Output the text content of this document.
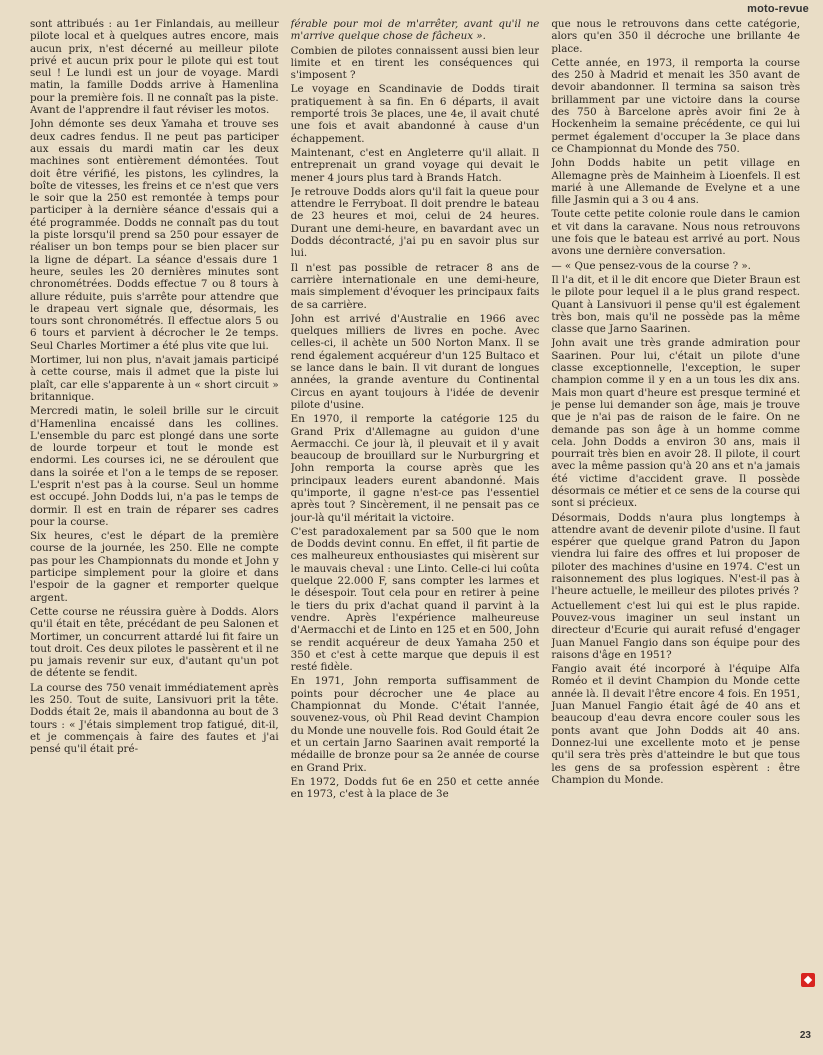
moto-revue

sont attribués : au 1er Finlandais, au meilleur pilote local et à quelques autres encore, mais aucun prix, n'est décerné au meilleur pilote privé et aucun prix pour le pilote qui est tout seul ! Le lundi est un jour de voyage. Mardi matin, la famille Dodds arrive à Hamenlina pour la première fois. Il ne connaît pas la piste. Avant de l'apprendre il faut réviser les motos.

John démonte ses deux Yamaha et trouve ses deux cadres fendus. Il ne peut pas participer aux essais du mardi matin car les deux machines sont entièrement démontées. Tout doit être vérifié, les pistons, les cylindres, la boîte de vitesses, les freins et ce n'est que vers le soir que la 250 est remontée à temps pour participer à la dernière séance d'essais qui a été programmée. Dodds ne connaît pas du tout la piste lorsqu'il prend sa 250 pour essayer de réaliser un bon temps pour se bien placer sur la ligne de départ. La séance d'essais dure 1 heure, seules les 20 dernières minutes sont chronométrées. Dodds effectue 7 ou 8 tours à allure réduite, puis s'arrête pour attendre que le drapeau vert signale que, désormais, les tours sont chronométrés. Il effectue alors 5 ou 6 tours et parvient à décrocher le 2e temps. Seul Charles Mortimer a été plus vite que lui.

Mortimer, lui non plus, n'avait jamais participé à cette course, mais il admet que la piste lui plaît, car elle s'apparente à un « short circuit » britannique.

Mercredi matin, le soleil brille sur le circuit d'Hamenlina encaissé dans les collines. L'ensemble du parc est plongé dans une sorte de lourde torpeur et tout le monde est endormi. Les courses ici, ne se déroulent que dans la soirée et l'on a le temps de se reposer. L'esprit n'est pas à la course. Seul un homme est occupé. John Dodds lui, n'a pas le temps de dormir. Il est en train de réparer ses cadres pour la course.

Six heures, c'est le départ de la première course de la journée, les 250. Elle ne compte pas pour les Championnats du monde et John y participe simplement pour la gloire et dans l'espoir de la gagner et remporter quelque argent.

Cette course ne réussira guère à Dodds. Alors qu'il était en tête, précédant de peu Salonen et Mortimer, un concurrent attardé lui fit faire un tout droit. Ces deux pilotes le passèrent et il ne pu jamais revenir sur eux, d'autant qu'un pot de détente se fendit.

La course des 750 venait immédiatement après les 250. Tout de suite, Lansivuori prit la tête. Dodds était 2e, mais il abandonna au bout de 3 tours : « J'étais simplement trop fatigué, dit-il, et je commençais à faire des fautes et j'ai pensé qu'il était pré-

férable pour moi de m'arrêter, avant qu'il ne m'arrive quelque chose de fâcheux ».

Combien de pilotes connaissent aussi bien leur limite et en tirent les conséquences qui s'imposent ?

Le voyage en Scandinavie de Dodds tirait pratiquement à sa fin. En 6 départs, il avait remporté trois 3e places, une 4e, il avait chuté une fois et avait abandonné à cause d'un échappement.

Maintenant, c'est en Angleterre qu'il allait. Il entreprenait un grand voyage qui devait le mener 4 jours plus tard à Brands Hatch.

Je retrouve Dodds alors qu'il fait la queue pour attendre le Ferryboat. Il doit prendre le bateau de 23 heures et moi, celui de 24 heures. Durant une demi-heure, en bavardant avec un Dodds décontracté, j'ai pu en savoir plus sur lui.

Il n'est pas possible de retracer 8 ans de carrière internationale en une demi-heure, mais simplement d'évoquer les principaux faits de sa carrière.

John est arrivé d'Australie en 1966 avec quelques milliers de livres en poche. Avec celles-ci, il achète un 500 Norton Manx. Il se rend également acquéreur d'un 125 Bultaco et se lance dans le bain. Il vit durant de longues années, la grande aventure du Continental Circus en ayant toujours à l'idée de devenir pilote d'usine.

En 1970, il remporte la catégorie 125 du Grand Prix d'Allemagne au guidon d'une Aermacchi. Ce jour là, il pleuvait et il y avait beaucoup de brouillard sur le Nurburgring et John remporta la course après que les principaux leaders eurent abandonné. Mais qu'importe, il gagne n'est-ce pas l'essentiel après tout ? Sincèrement, il ne pensait pas ce jour-là qu'il méritait la victoire.

C'est paradoxalement par sa 500 que le nom de Dodds devint connu. En effet, il fit partie de ces malheureux enthousiastes qui misèrent sur le mauvais cheval : une Linto. Celle-ci lui coûta quelque 22.000 F, sans compter les larmes et le désespoir. Tout cela pour en retirer à peine le tiers du prix d'achat quand il parvint à la vendre. Après l'expérience malheureuse d'Aermacchi et de Linto en 125 et en 500, John se rendit acquéreur de deux Yamaha 250 et 350 et c'est à cette marque que depuis il est resté fidèle.

En 1971, John remporta suffisamment de points pour décrocher une 4e place au Championnat du Monde. C'était l'année, souvenez-vous, où Phil Read devint Champion du Monde une nouvelle fois. Rod Gould était 2e et un certain Jarno Saarinen avait remporté la médaille de bronze pour sa 2e année de course en Grand Prix.

En 1972, Dodds fut 6e en 250 et cette année en 1973, c'est à la place de 3e

que nous le retrouvons dans cette catégorie, alors qu'en 350 il décroche une brillante 4e place.

Cette année, en 1973, il remporta la course des 250 à Madrid et menait les 350 avant de devoir abandonner. Il termina sa saison très brillamment par une victoire dans la course des 750 à Barcelone après avoir fini 2e à Hockenheim la semaine précédente, ce qui lui permet également d'occuper la 3e place dans ce Championnat du Monde des 750.

John Dodds habite un petit village en Allemagne près de Mainheim à Lioenfels. Il est marié à une Allemande de Evelyne et a une fille Jasmin qui a 3 ou 4 ans.

Toute cette petite colonie roule dans le camion et vit dans la caravane. Nous nous retrouvons une fois que le bateau est arrivé au port. Nous avons une dernière conversation.

— « Que pensez-vous de la course ? ».

Il l'a dit, et il le dit encore que Dieter Braun est le pilote pour lequel il a le plus grand respect. Quant à Lansivuori il pense qu'il est également très bon, mais qu'il ne possède pas la même classe que Jarno Saarinen.

John avait une très grande admiration pour Saarinen. Pour lui, c'était un pilote d'une classe exceptionnelle, l'exception, le super champion comme il y en a un tous les dix ans. Mais mon quart d'heure est presque terminé et je pense lui demander son âge, mais je trouve que je n'ai pas de raison de le faire. On ne demande pas son âge à un homme comme cela. John Dodds a environ 30 ans, mais il pourrait très bien en avoir 28. Il pilote, il court avec la même passion qu'à 20 ans et n'a jamais été victime d'accident grave. Il possède désormais ce métier et ce sens de la course qui sont si précieux.

Désormais, Dodds n'aura plus longtemps à attendre avant de devenir pilote d'usine. Il faut espérer que quelque grand Patron du Japon viendra lui faire des offres et lui proposer de piloter des machines d'usine en 1974. C'est un raisonnement des plus logiques. N'est-il pas à l'heure actuelle, le meilleur des pilotes privés ?

Actuellement c'est lui qui est le plus rapide. Pouvez-vous imaginer un seul instant un directeur d'Ecurie qui aurait refusé d'engager Juan Manuel Fangio dans son équipe pour des raisons d'âge en 1951?

Fangio avait été incorporé à l'équipe Alfa Roméo et il devint Champion du Monde cette année là. Il devait l'être encore 4 fois. En 1951, Juan Manuel Fangio était âgé de 40 ans et beaucoup d'eau devra encore couler sous les ponts avant que John Dodds ait 40 ans. Donnez-lui une excellente moto et je pense qu'il sera très près d'atteindre le but que tous les gens de sa profession espèrent : être Champion du Monde.

23
